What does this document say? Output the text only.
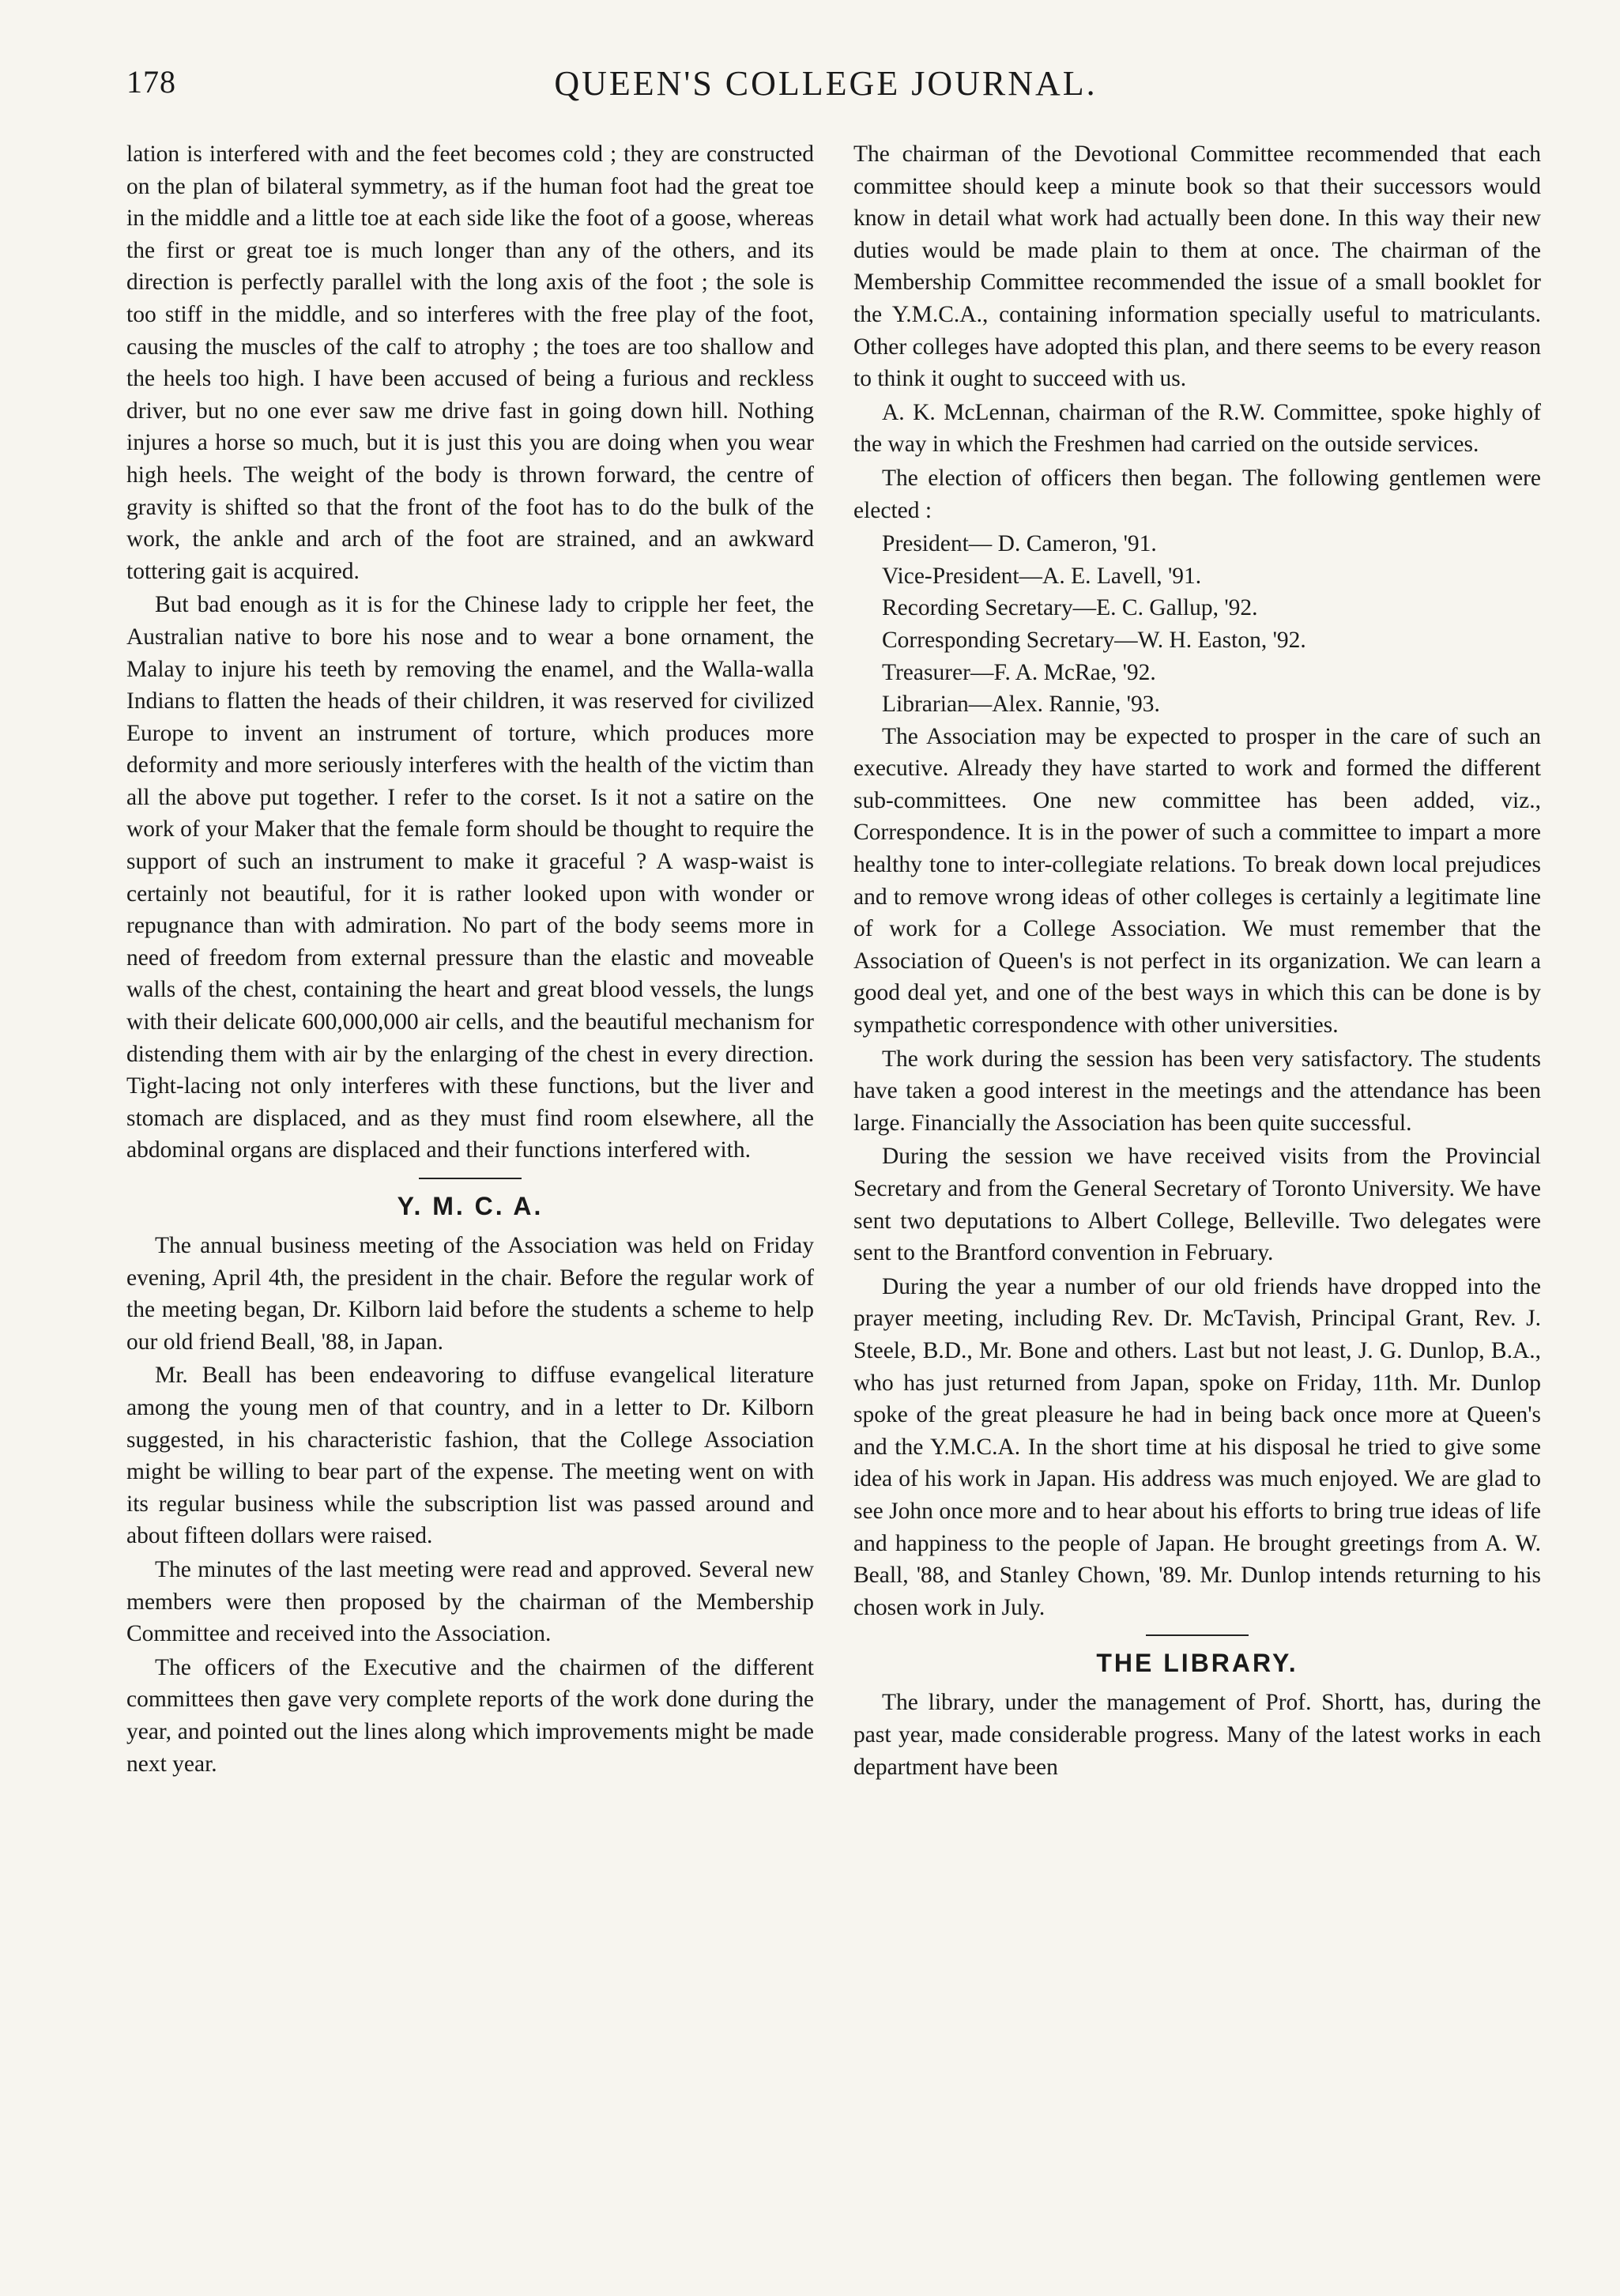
178	QUEEN'S COLLEGE JOURNAL.

lation is interfered with and the feet becomes cold ; they are constructed on the plan of bilateral symmetry, as if the human foot had the great toe in the middle and a little toe at each side like the foot of a goose, whereas the first or great toe is much longer than any of the others, and its direction is perfectly parallel with the long axis of the foot ; the sole is too stiff in the middle, and so interferes with the free play of the foot, causing the muscles of the calf to atrophy ; the toes are too shallow and the heels too high. I have been accused of being a furious and reckless driver, but no one ever saw me drive fast in going down hill. Nothing injures a horse so much, but it is just this you are doing when you wear high heels. The weight of the body is thrown forward, the centre of gravity is shifted so that the front of the foot has to do the bulk of the work, the ankle and arch of the foot are strained, and an awkward tottering gait is acquired.

But bad enough as it is for the Chinese lady to cripple her feet, the Australian native to bore his nose and to wear a bone ornament, the Malay to injure his teeth by removing the enamel, and the Walla-walla Indians to flatten the heads of their children, it was reserved for civilized Europe to invent an instrument of torture, which produces more deformity and more seriously interferes with the health of the victim than all the above put together. I refer to the corset. Is it not a satire on the work of your Maker that the female form should be thought to require the support of such an instrument to make it graceful ? A wasp-waist is certainly not beautiful, for it is rather looked upon with wonder or repugnance than with admiration. No part of the body seems more in need of freedom from external pressure than the elastic and moveable walls of the chest, containing the heart and great blood vessels, the lungs with their delicate 600,000,000 air cells, and the beautiful mechanism for distending them with air by the enlarging of the chest in every direction. Tight-lacing not only interferes with these functions, but the liver and stomach are displaced, and as they must find room elsewhere, all the abdominal organs are displaced and their functions interfered with.

Y. M. C. A.

The annual business meeting of the Association was held on Friday evening, April 4th, the president in the chair. Before the regular work of the meeting began, Dr. Kilborn laid before the students a scheme to help our old friend Beall, '88, in Japan.

Mr. Beall has been endeavoring to diffuse evangelical literature among the young men of that country, and in a letter to Dr. Kilborn suggested, in his characteristic fashion, that the College Association might be willing to bear part of the expense. The meeting went on with its regular business while the subscription list was passed around and about fifteen dollars were raised.

The minutes of the last meeting were read and approved. Several new members were then proposed by the chairman of the Membership Committee and received into the Association.

The officers of the Executive and the chairmen of the different committees then gave very complete reports of the work done during the year, and pointed out the lines along which improvements might be made next year.

The chairman of the Devotional Committee recommended that each committee should keep a minute book so that their successors would know in detail what work had actually been done. In this way their new duties would be made plain to them at once. The chairman of the Membership Committee recommended the issue of a small booklet for the Y.M.C.A., containing information specially useful to matriculants. Other colleges have adopted this plan, and there seems to be every reason to think it ought to succeed with us.

A. K. McLennan, chairman of the R.W. Committee, spoke highly of the way in which the Freshmen had carried on the outside services.

The election of officers then began. The following gentlemen were elected :

President— D. Cameron, '91.
Vice-President—A. E. Lavell, '91.
Recording Secretary—E. C. Gallup, '92.
Corresponding Secretary—W. H. Easton, '92.
Treasurer—F. A. McRae, '92.
Librarian—Alex. Rannie, '93.

The Association may be expected to prosper in the care of such an executive. Already they have started to work and formed the different sub-committees. One new committee has been added, viz., Correspondence. It is in the power of such a committee to impart a more healthy tone to inter-collegiate relations. To break down local prejudices and to remove wrong ideas of other colleges is certainly a legitimate line of work for a College Association. We must remember that the Association of Queen's is not perfect in its organization. We can learn a good deal yet, and one of the best ways in which this can be done is by sympathetic correspondence with other universities.

The work during the session has been very satisfactory. The students have taken a good interest in the meetings and the attendance has been large. Financially the Association has been quite successful.

During the session we have received visits from the Provincial Secretary and from the General Secretary of Toronto University. We have sent two deputations to Albert College, Belleville. Two delegates were sent to the Brantford convention in February.

During the year a number of our old friends have dropped into the prayer meeting, including Rev. Dr. McTavish, Principal Grant, Rev. J. Steele, B.D., Mr. Bone and others. Last but not least, J. G. Dunlop, B.A., who has just returned from Japan, spoke on Friday, 11th. Mr. Dunlop spoke of the great pleasure he had in being back once more at Queen's and the Y.M.C.A. In the short time at his disposal he tried to give some idea of his work in Japan. His address was much enjoyed. We are glad to see John once more and to hear about his efforts to bring true ideas of life and happiness to the people of Japan. He brought greetings from A. W. Beall, '88, and Stanley Chown, '89. Mr. Dunlop intends returning to his chosen work in July.

THE LIBRARY.

The library, under the management of Prof. Shortt, has, during the past year, made considerable progress. Many of the latest works in each department have been
